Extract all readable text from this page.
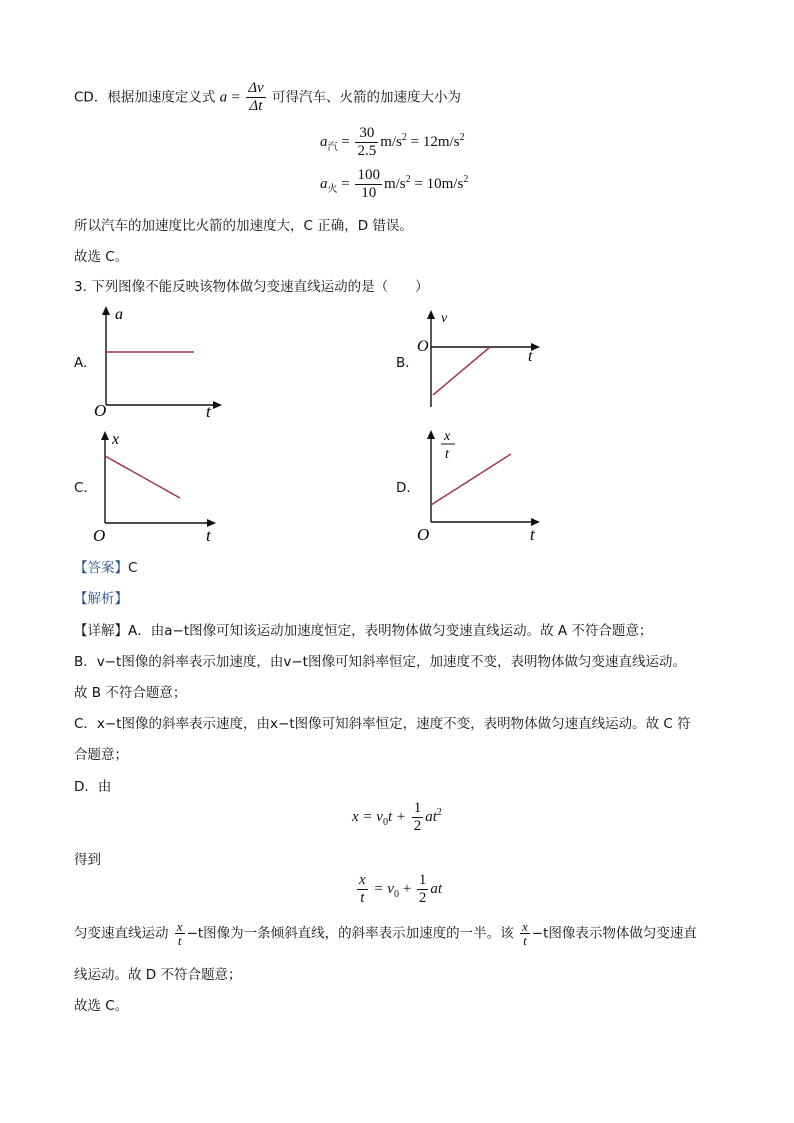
CD．根据加速度定义式 $a = \frac{\Delta v}{\Delta t}$ 可得汽车、火箭的加速度大小为
$a_汽 = \frac{30}{2.5} m/s^2 = 12m/s^2$
$a_火 = \frac{100}{10} m/s^2 = 10m/s^2$
所以汽车的加速度比火箭的加速度大，C 正确，D 错误。
故选 C。
3. 下列图像不能反映该物体做匀变速直线运动的是（　　）
A.
a
O	t
B.
v
O
t
C.
x
O	t
D.
x
t
O	t
【答案】C
【解析】
【详解】A．由a−t图像可知该运动加速度恒定，表明物体做匀变速直线运动。故 A 不符合题意；
B．v−t图像的斜率表示加速度，由v−t图像可知斜率恒定，加速度不变，表明物体做匀变速直线运动。
故 B 不符合题意；
C．x−t图像的斜率表示速度，由x−t图像可知斜率恒定，速度不变，表明物体做匀速直线运动。故 C 符
合题意；
D．由
$x = v_0t + \frac{1}{2} at^2$
得到
$\frac{x}{t} = v_0 + \frac{1}{2}$ at
匀变速直线运动 $\frac{x}{t} -t$图像为一条倾斜直线，的斜率表示加速度的一半。该 $\frac{x}{t} -t$图像表示物体做匀变速直
线运动。故 D 不符合题意；
故选 C。
